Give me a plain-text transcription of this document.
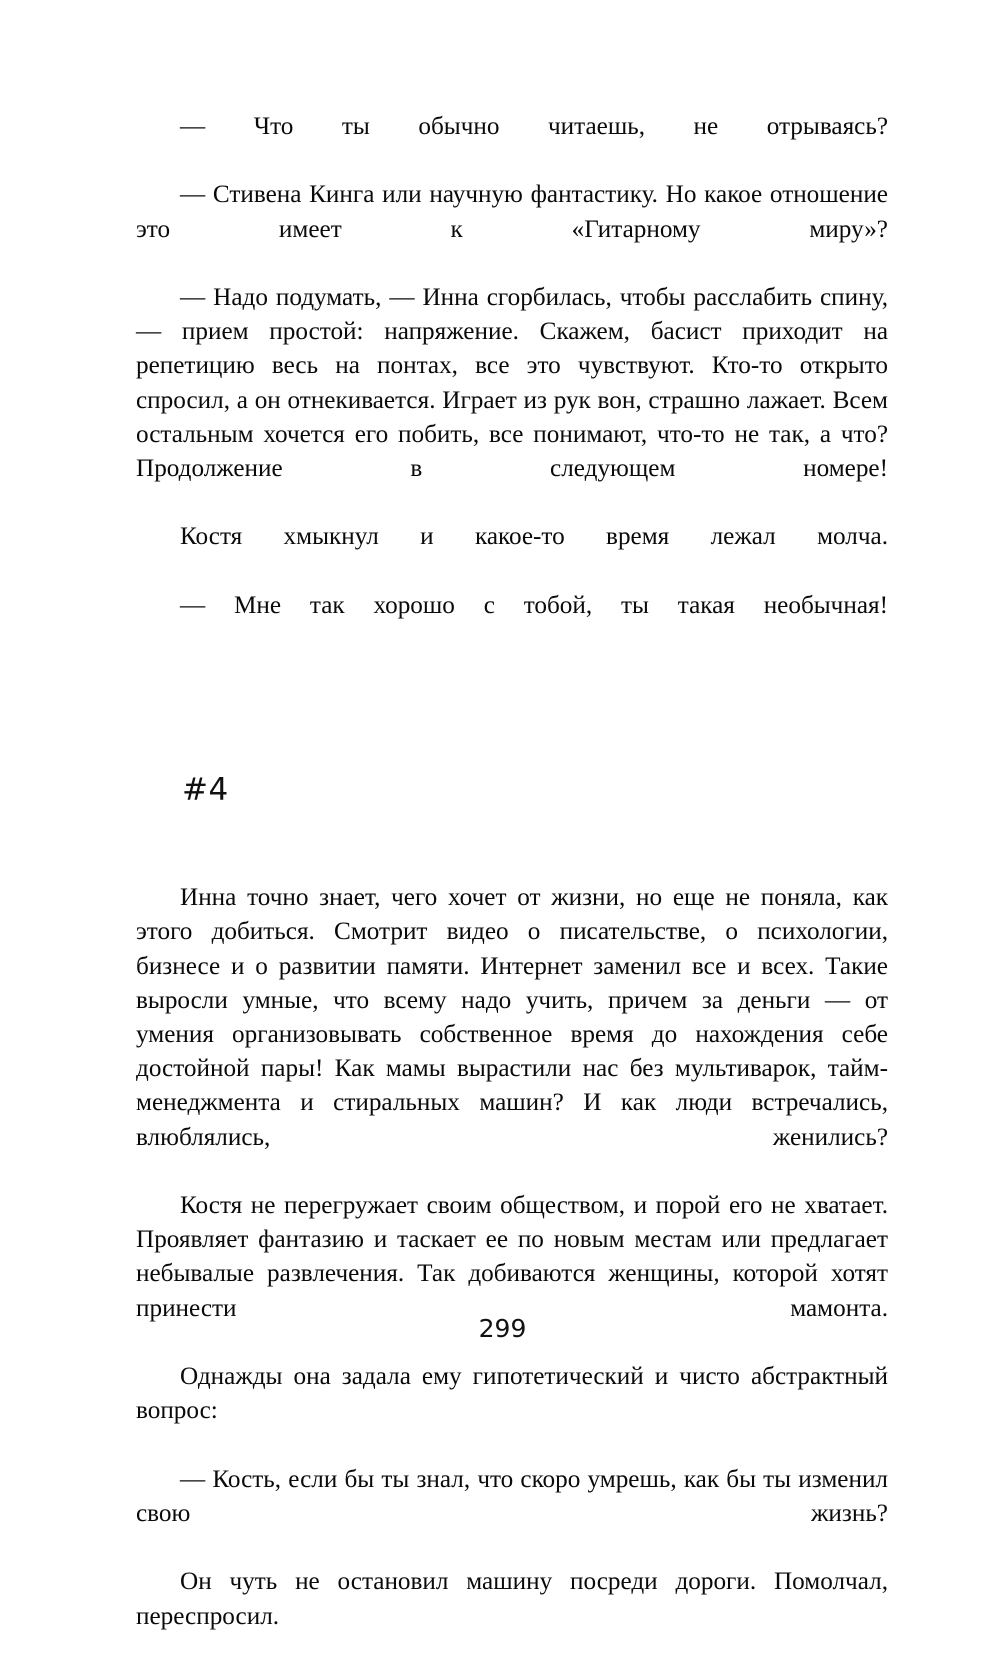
— Что ты обычно читаешь, не отрываясь?

— Стивена Кинга или научную фантастику. Но какое отношение это имеет к «Гитарному миру»?

— Надо подумать, — Инна сгорбилась, чтобы расслабить спину, — прием простой: напряжение. Скажем, басист приходит на репетицию весь на понтах, все это чувствуют. Кто-то открыто спросил, а он отнекивается. Играет из рук вон, страшно лажает. Всем остальным хочется его побить, все понимают, что-то не так, а что? Продолжение в следующем номере!

Костя хмыкнул и какое-то время лежал молча.

— Мне так хорошо с тобой, ты такая необычная!

#4

Инна точно знает, чего хочет от жизни, но еще не поняла, как этого добиться. Смотрит видео о писательстве, о психологии, бизнесе и о развитии памяти. Интернет заменил все и всех. Такие выросли умные, что всему надо учить, причем за деньги — от умения организовывать собственное время до нахождения себе достойной пары! Как мамы вырастили нас без мультиварок, тайм-менеджмента и стиральных машин? И как люди встречались, влюблялись, женились?

Костя не перегружает своим обществом, и порой его не хватает. Проявляет фантазию и таскает ее по новым местам или предлагает небывалые развлечения. Так добиваются женщины, которой хотят принести мамонта.

Однажды она задала ему гипотетический и чисто абстрактный вопрос:

— Кость, если бы ты знал, что скоро умрешь, как бы ты изменил свою жизнь?

Он чуть не остановил машину посреди дороги. Помолчал, переспросил.

299
